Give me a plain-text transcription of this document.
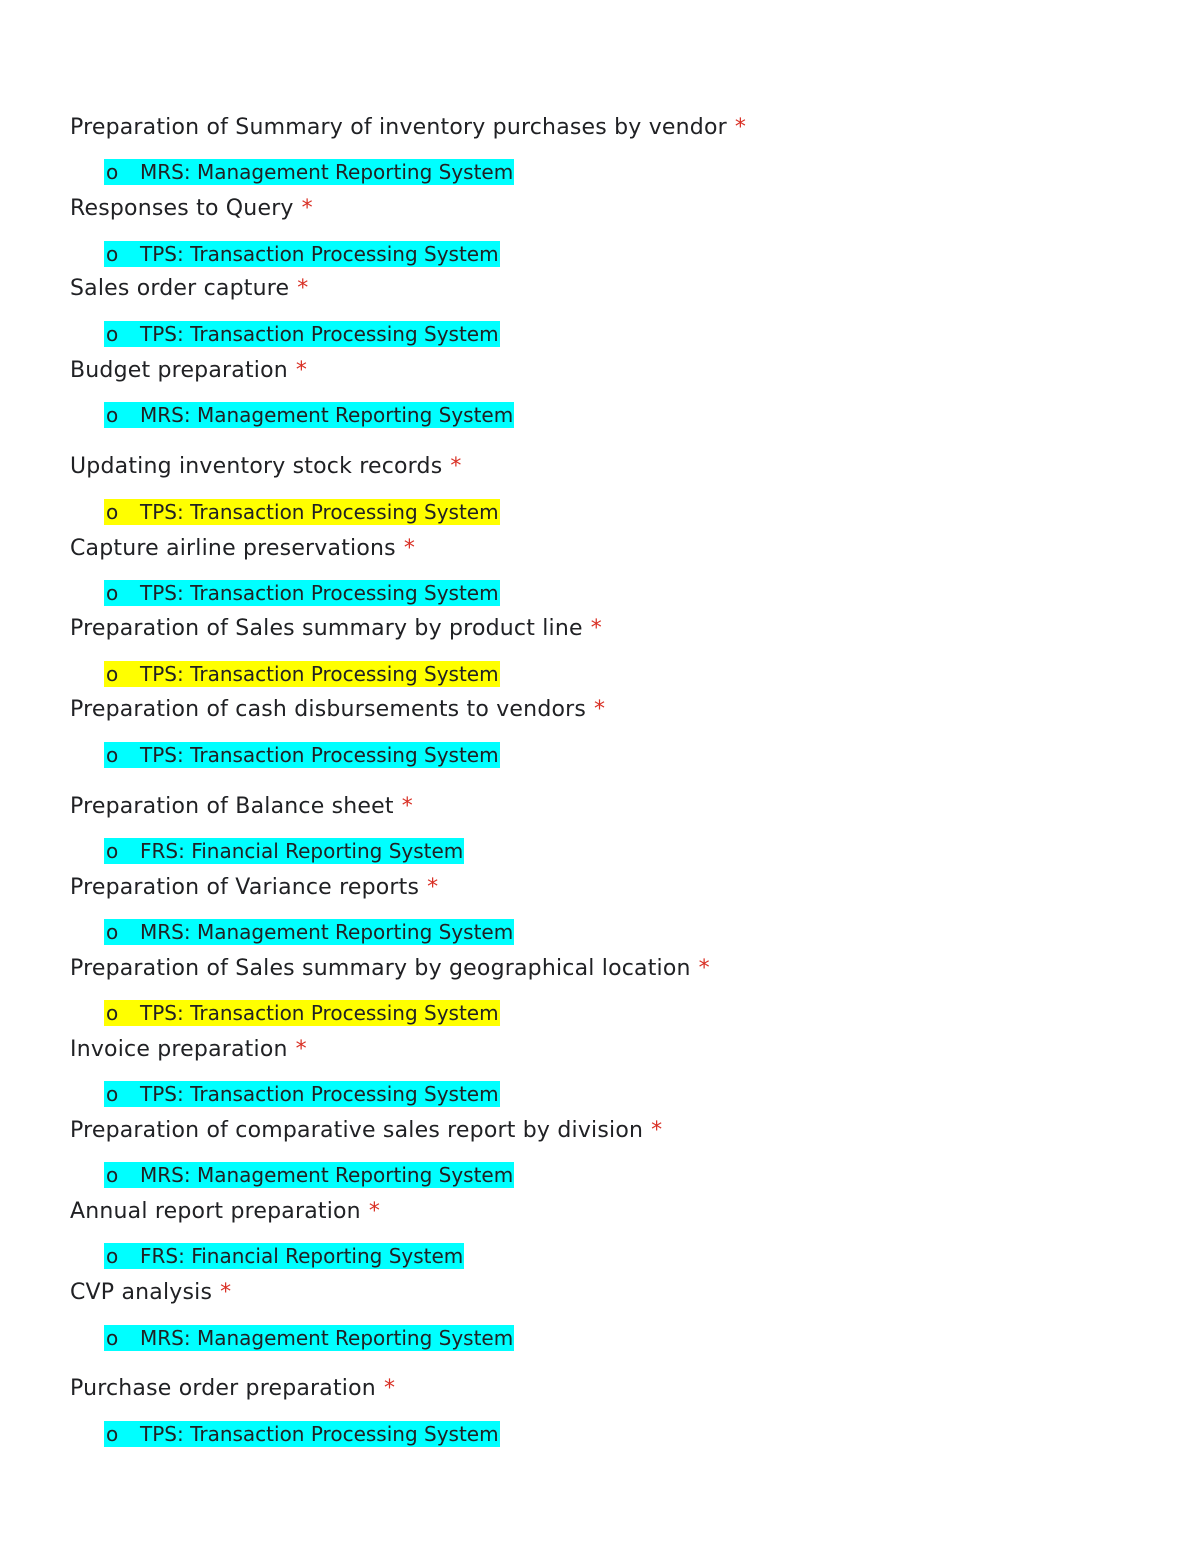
Preparation of Summary of inventory purchases by vendor *
o	MRS: Management Reporting System
Responses to Query *
o	TPS: Transaction Processing System
Sales order capture *
o	TPS: Transaction Processing System
Budget preparation *
o	MRS: Management Reporting System
Updating inventory stock records *
o	TPS: Transaction Processing System
Capture airline preservations *
o	TPS: Transaction Processing System
Preparation of Sales summary by product line *
o	TPS: Transaction Processing System
Preparation of cash disbursements to vendors *
o	TPS: Transaction Processing System
Preparation of Balance sheet *
o	FRS: Financial Reporting System
Preparation of Variance reports *
o	MRS: Management Reporting System
Preparation of Sales summary by geographical location *
o	TPS: Transaction Processing System
Invoice preparation *
o	TPS: Transaction Processing System
Preparation of comparative sales report by division *
o	MRS: Management Reporting System
Annual report preparation *
o	FRS: Financial Reporting System
CVP analysis *
o	MRS: Management Reporting System
Purchase order preparation *
o	TPS: Transaction Processing System
